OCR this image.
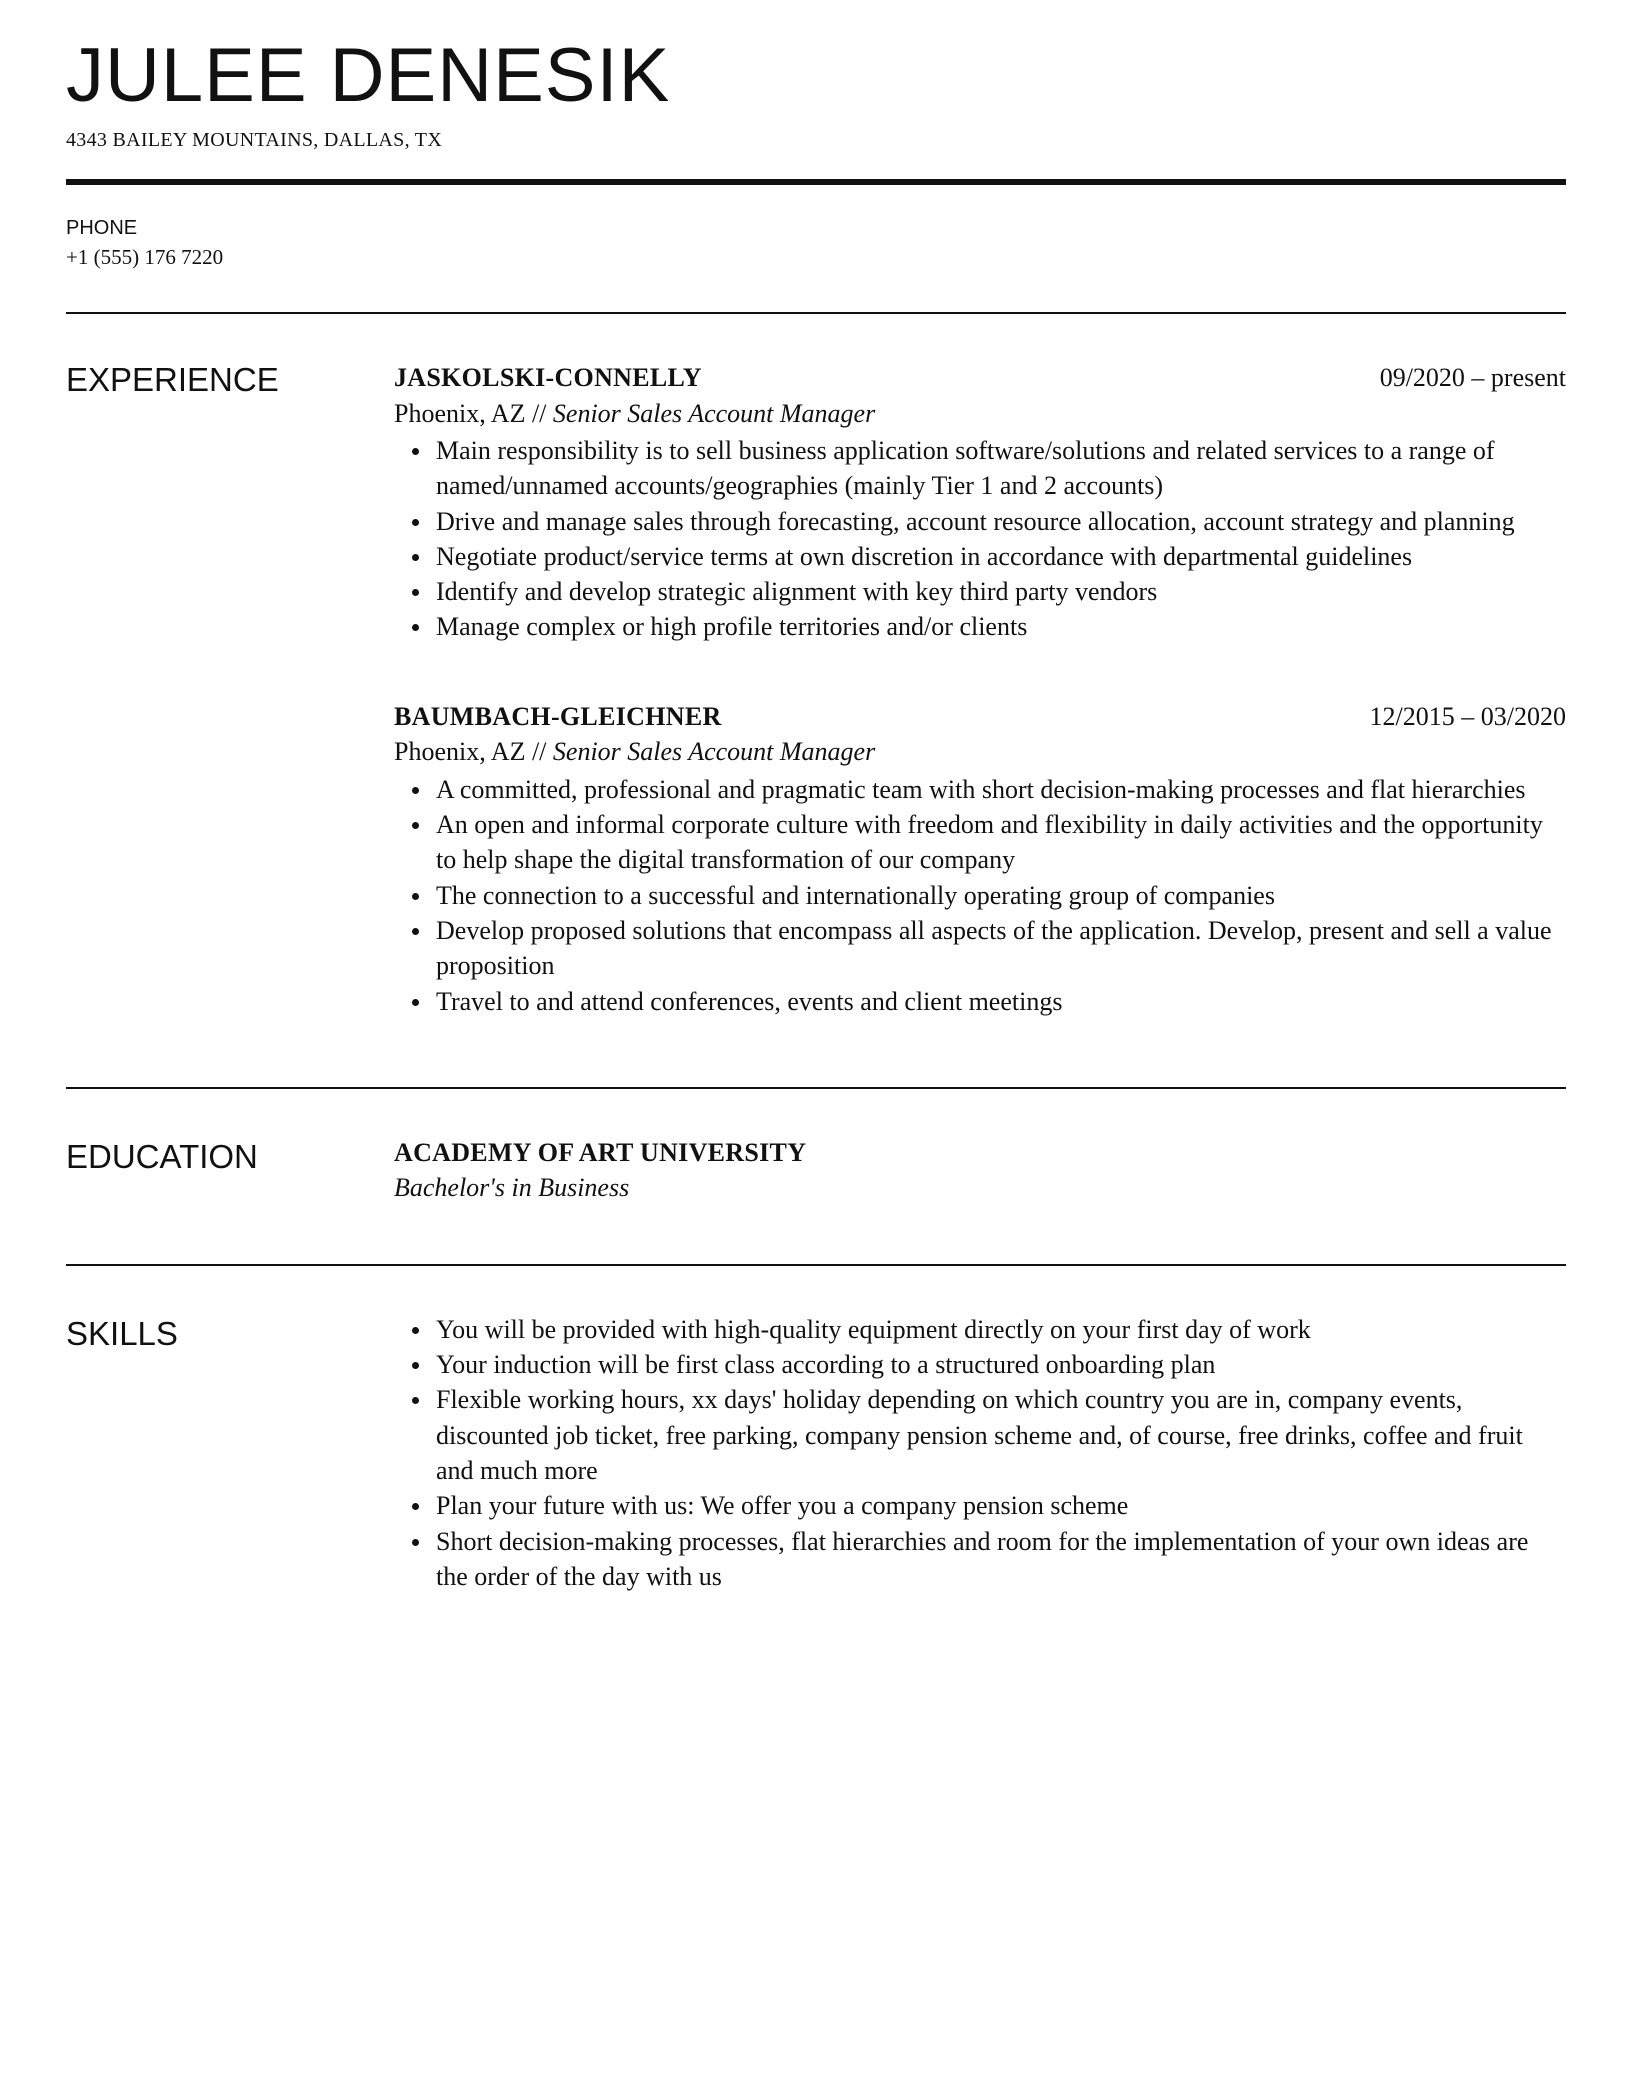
JULEE DENESIK
4343 BAILEY MOUNTAINS, DALLAS, TX
PHONE
+1 (555) 176 7220
EXPERIENCE	JASKOLSKI-CONNELLY	09/2020 – present
Phoenix, AZ // Senior Sales Account Manager
Main responsibility is to sell business application software/solutions and related services to a range of named/unnamed accounts/geographies (mainly Tier 1 and 2 accounts)
Drive and manage sales through forecasting, account resource allocation, account strategy and planning
Negotiate product/service terms at own discretion in accordance with departmental guidelines
Identify and develop strategic alignment with key third party vendors
Manage complex or high profile territories and/or clients
BAUMBACH-GLEICHNER	12/2015 – 03/2020
Phoenix, AZ // Senior Sales Account Manager
A committed, professional and pragmatic team with short decision-making processes and flat hierarchies
An open and informal corporate culture with freedom and flexibility in daily activities and the opportunity to help shape the digital transformation of our company
The connection to a successful and internationally operating group of companies
Develop proposed solutions that encompass all aspects of the application. Develop, present and sell a value proposition
Travel to and attend conferences, events and client meetings
EDUCATION	ACADEMY OF ART UNIVERSITY
Bachelor's in Business
SKILLS	You will be provided with high-quality equipment directly on your first day of work
Your induction will be first class according to a structured onboarding plan
Flexible working hours, xx days' holiday depending on which country you are in, company events, discounted job ticket, free parking, company pension scheme and, of course, free drinks, coffee and fruit and much more
Plan your future with us: We offer you a company pension scheme
Short decision-making processes, flat hierarchies and room for the implementation of your own ideas are the order of the day with us
